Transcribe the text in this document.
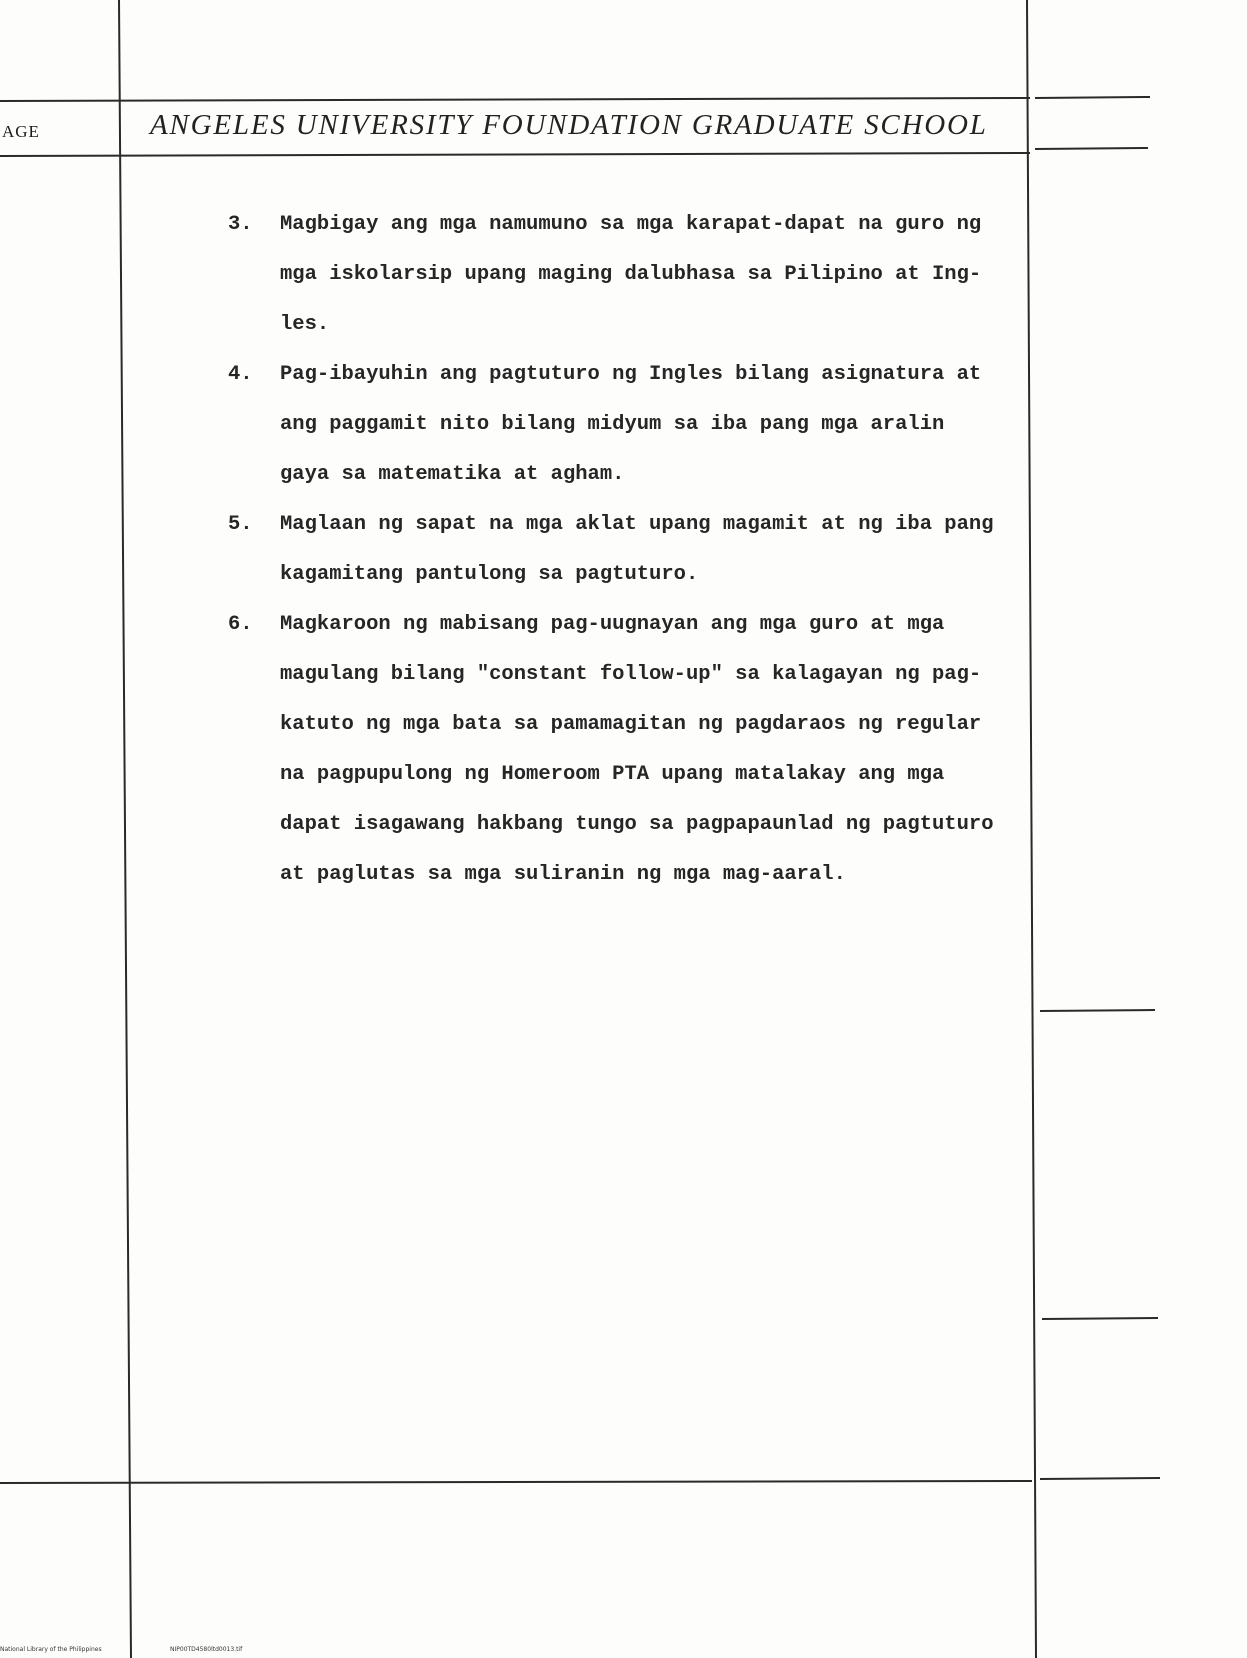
AGE	ANGELES UNIVERSITY FOUNDATION GRADUATE SCHOOL
3.	Magbigay ang mga namumuno sa mga karapat-dapat na guro ng
mga iskolarsip upang maging dalubhasa sa Pilipino at Ing-
les.
4.	Pag-ibayuhin ang pagtuturo ng Ingles bilang asignatura at
ang paggamit nito bilang midyum sa iba pang mga aralin
gaya sa matematika at agham.
5.	Maglaan ng sapat na mga aklat upang magamit at ng iba pang
kagamitang pantulong sa pagtuturo.
6.	Magkaroon ng mabisang pag-uugnayan ang mga guro at mga
magulang bilang "constant follow-up" sa kalagayan ng pag-
katuto ng mga bata sa pamamagitan ng pagdaraos ng regular
na pagpupulong ng Homeroom PTA upang matalakay ang mga
dapat isagawang hakbang tungo sa pagpapaunlad ng pagtuturo
at paglutas sa mga suliranin ng mga mag-aaral.
National Library of the Philippines	NIP00TD4580ltd0013.tif
